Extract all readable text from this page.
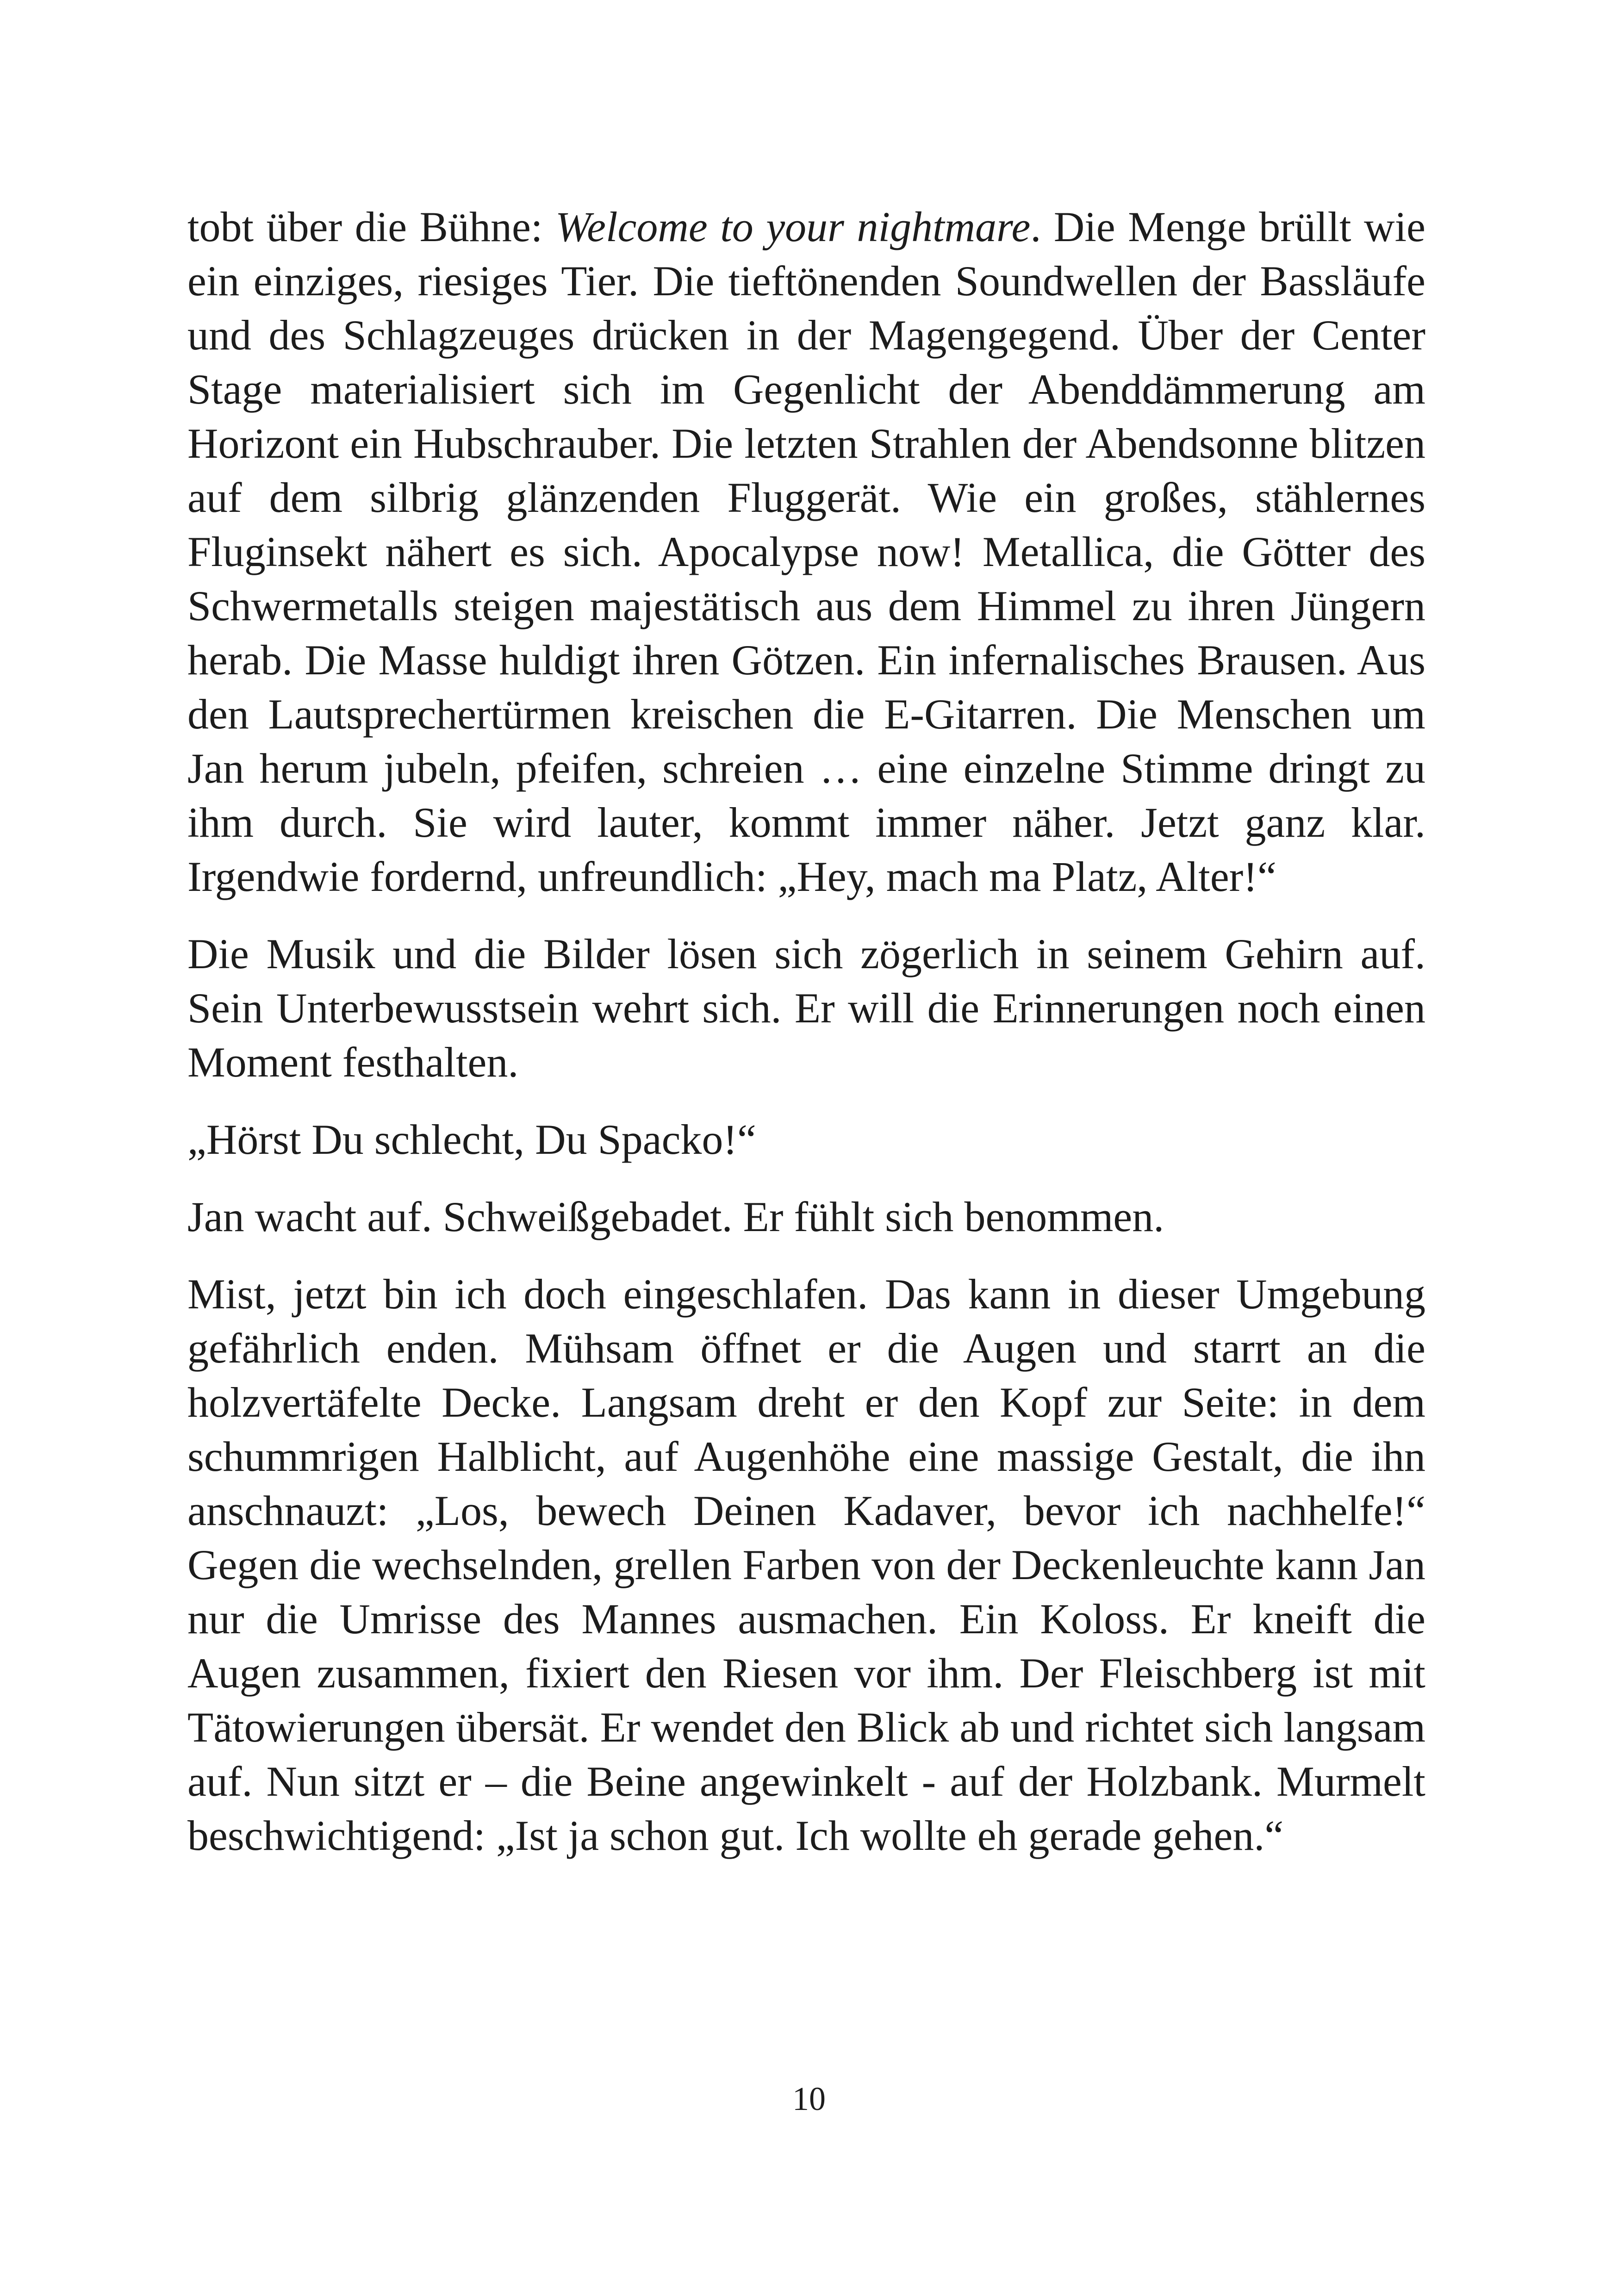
tobt über die Bühne: Welcome to your nightmare. Die Menge brüllt wie ein einziges, riesiges Tier. Die tieftönenden Soundwellen der Bassläufe und des Schlagzeuges drücken in der Magengegend. Über der Center Stage materialisiert sich im Gegenlicht der Abenddämmerung am Horizont ein Hubschrauber. Die letzten Strahlen der Abendsonne blitzen auf dem silbrig glänzenden Fluggerät. Wie ein großes, stählernes Fluginsekt nähert es sich. Apocalypse now! Metallica, die Götter des Schwermetalls steigen majestätisch aus dem Himmel zu ihren Jüngern herab. Die Masse huldigt ihren Götzen. Ein infernalisches Brausen. Aus den Lautsprechertürmen kreischen die E-Gitarren. Die Menschen um Jan herum jubeln, pfeifen, schreien … eine einzelne Stimme dringt zu ihm durch. Sie wird lauter, kommt immer näher. Jetzt ganz klar. Irgendwie fordernd, unfreundlich: „Hey, mach ma Platz, Alter!“

Die Musik und die Bilder lösen sich zögerlich in seinem Gehirn auf. Sein Unterbewusstsein wehrt sich. Er will die Erinnerungen noch einen Moment festhalten.

„Hörst Du schlecht, Du Spacko!“

Jan wacht auf. Schweißgebadet. Er fühlt sich benommen.

Mist, jetzt bin ich doch eingeschlafen. Das kann in dieser Umgebung gefährlich enden. Mühsam öffnet er die Augen und starrt an die holzvertäfelte Decke. Langsam dreht er den Kopf zur Seite: in dem schummrigen Halblicht, auf Augenhöhe eine massige Gestalt, die ihn anschnauzt: „Los, bewech Deinen Kadaver, bevor ich nachhelfe!“ Gegen die wechselnden, grellen Farben von der Deckenleuchte kann Jan nur die Umrisse des Mannes ausmachen. Ein Koloss. Er kneift die Augen zusammen, fixiert den Riesen vor ihm. Der Fleischberg ist mit Tätowierungen übersät. Er wendet den Blick ab und richtet sich langsam auf. Nun sitzt er – die Beine angewinkelt - auf der Holzbank. Murmelt beschwichtigend: „Ist ja schon gut. Ich wollte eh gerade gehen.“

10
